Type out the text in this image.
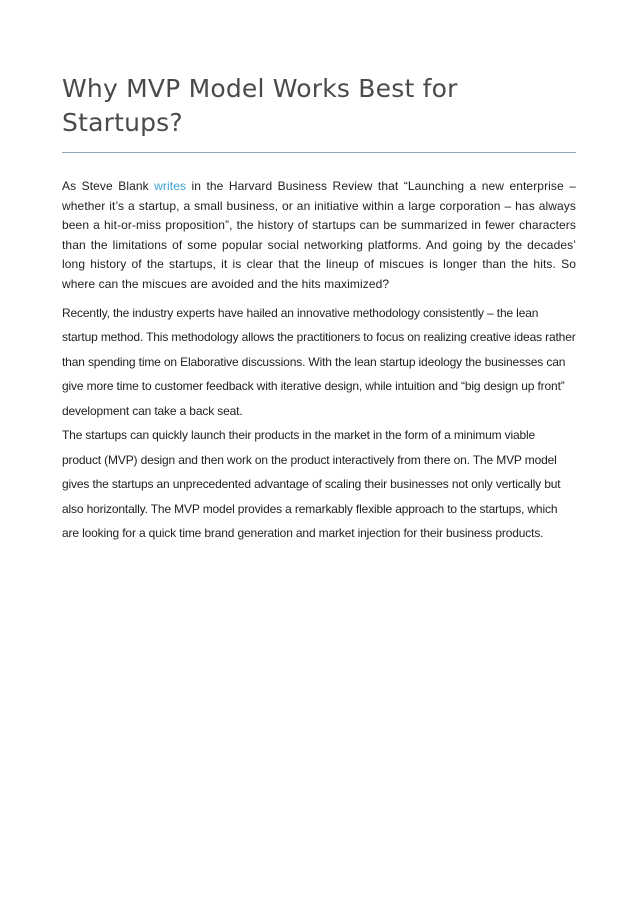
Why MVP Model Works Best for Startups?

As Steve Blank writes in the Harvard Business Review that “Launching a new enterprise – whether it’s a startup, a small business, or an initiative within a large corporation – has always been a hit-or-miss proposition”, the history of startups can be summarized in fewer characters than the limitations of some popular social networking platforms. And going by the decades’ long history of the startups, it is clear that the lineup of miscues is longer than the hits. So where can the miscues are avoided and the hits maximized?

Recently, the industry experts have hailed an innovative methodology consistently – the lean startup method. This methodology allows the practitioners to focus on realizing creative ideas rather than spending time on Elaborative discussions. With the lean startup ideology the businesses can give more time to customer feedback with iterative design, while intuition and “big design up front” development can take a back seat.

The startups can quickly launch their products in the market in the form of a minimum viable product (MVP) design and then work on the product interactively from there on. The MVP model gives the startups an unprecedented advantage of scaling their businesses not only vertically but also horizontally. The MVP model provides a remarkably flexible approach to the startups, which are looking for a quick time brand generation and market injection for their business products.
